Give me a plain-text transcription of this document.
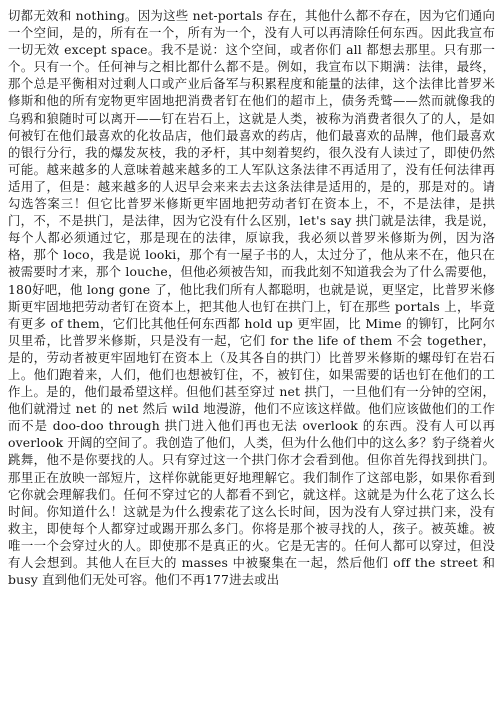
切都无效和 nothing。因为这些 net-portals 存在，其他什么都不存在，因为它们通向一个空间，是的，所有在一个，所有为一个，没有人可以再清除任何东西。因此我宣布一切无效 except space。我不是说：这个空间，或者你们 all 都想去那里。只有那一个。只有一个。任何神与之相比都什么都不是。例如，我宣布以下期满：法律，最终，那个总是平衡相对过剩人口或产业后备军与积累程度和能量的法律，这个法律比普罗米修斯和他的所有宠物更牢固地把消费者钉在他们的超市上，债务秃鹫——然而就像我的乌鸦和狼随时可以离开——钉在岩石上，这就是人类，被称为消费者很久了的人，是如何被钉在他们最喜欢的化妆品店，他们最喜欢的药店，他们最喜欢的品牌，他们最喜欢的银行分行，我的爆发灰枝，我的矛杆，其中刻着契约，很久没有人读过了，即使仍然可能。越来越多的人意味着越来越多的工人军队这条法律不再适用了，没有任何法律再适用了，但是：越来越多的人迟早会来来去去这条法律是适用的，是的，那是对的。请勾选答案三！但它比普罗米修斯更牢固地把劳动者钉在资本上，不，不是法律，是拱门，不，不是拱门，是法律，因为它没有什么区别，let's say 拱门就是法律，我是说，每个人都必须通过它，那是现在的法律，原谅我，我必须以普罗米修斯为例，因为洛格，那个 loco，我是说 looki，那个有一屋子书的人，太过分了，他从来不在，他只在被需要时才来，那个 louche，但他必须被告知，而我此刻不知道我会为了什么需要他，180好吧，他 long gone 了，他比我们所有人都聪明，也就是说，更坚定，比普罗米修斯更牢固地把劳动者钉在资本上，把其他人也钉在拱门上，钉在那些 portals 上，毕竟有更多 of them，它们比其他任何东西都 hold up 更牢固，比 Mime 的铆钉，比阿尔贝里希，比普罗米修斯，只是没有一起，它们 for the life of them 不会 together，是的，劳动者被更牢固地钉在资本上（及其各自的拱门）比普罗米修斯的螺母钉在岩石上。他们跑着来，人们，他们也想被钉住，不，被钉住，如果需要的话也钉在他们的工作上。是的，他们最希望这样。但他们甚至穿过 net 拱门，一旦他们有一分钟的空闲，他们就滑过 net 的 net 然后 wild 地漫游，他们不应该这样做。他们应该做他们的工作而不是 doo-doo through 拱门进入他们再也无法 overlook 的东西。没有人可以再 overlook 开阔的空间了。我创造了他们，人类，但为什么他们中的这么多？豹子绕着火跳舞，他不是你要找的人。只有穿过这一个拱门你才会看到他。但你首先得找到拱门。那里正在放映一部短片，这样你就能更好地理解它。我们制作了这部电影，如果你看到它你就会理解我们。任何不穿过它的人都看不到它，就这样。这就是为什么花了这么长时间。你知道什么！这就是为什么搜索花了这么长时间，因为没有人穿过拱门来，没有救主，即使每个人都穿过或踢开那么多门。你将是那个被寻找的人，孩子。被英雄。被唯一一个会穿过火的人。即使那不是真正的火。它是无害的。任何人都可以穿过，但没有人会想到。其他人在巨大的 masses 中被聚集在一起，然后他们 off the street 和 busy 直到他们无处可容。他们不再177进去或出
